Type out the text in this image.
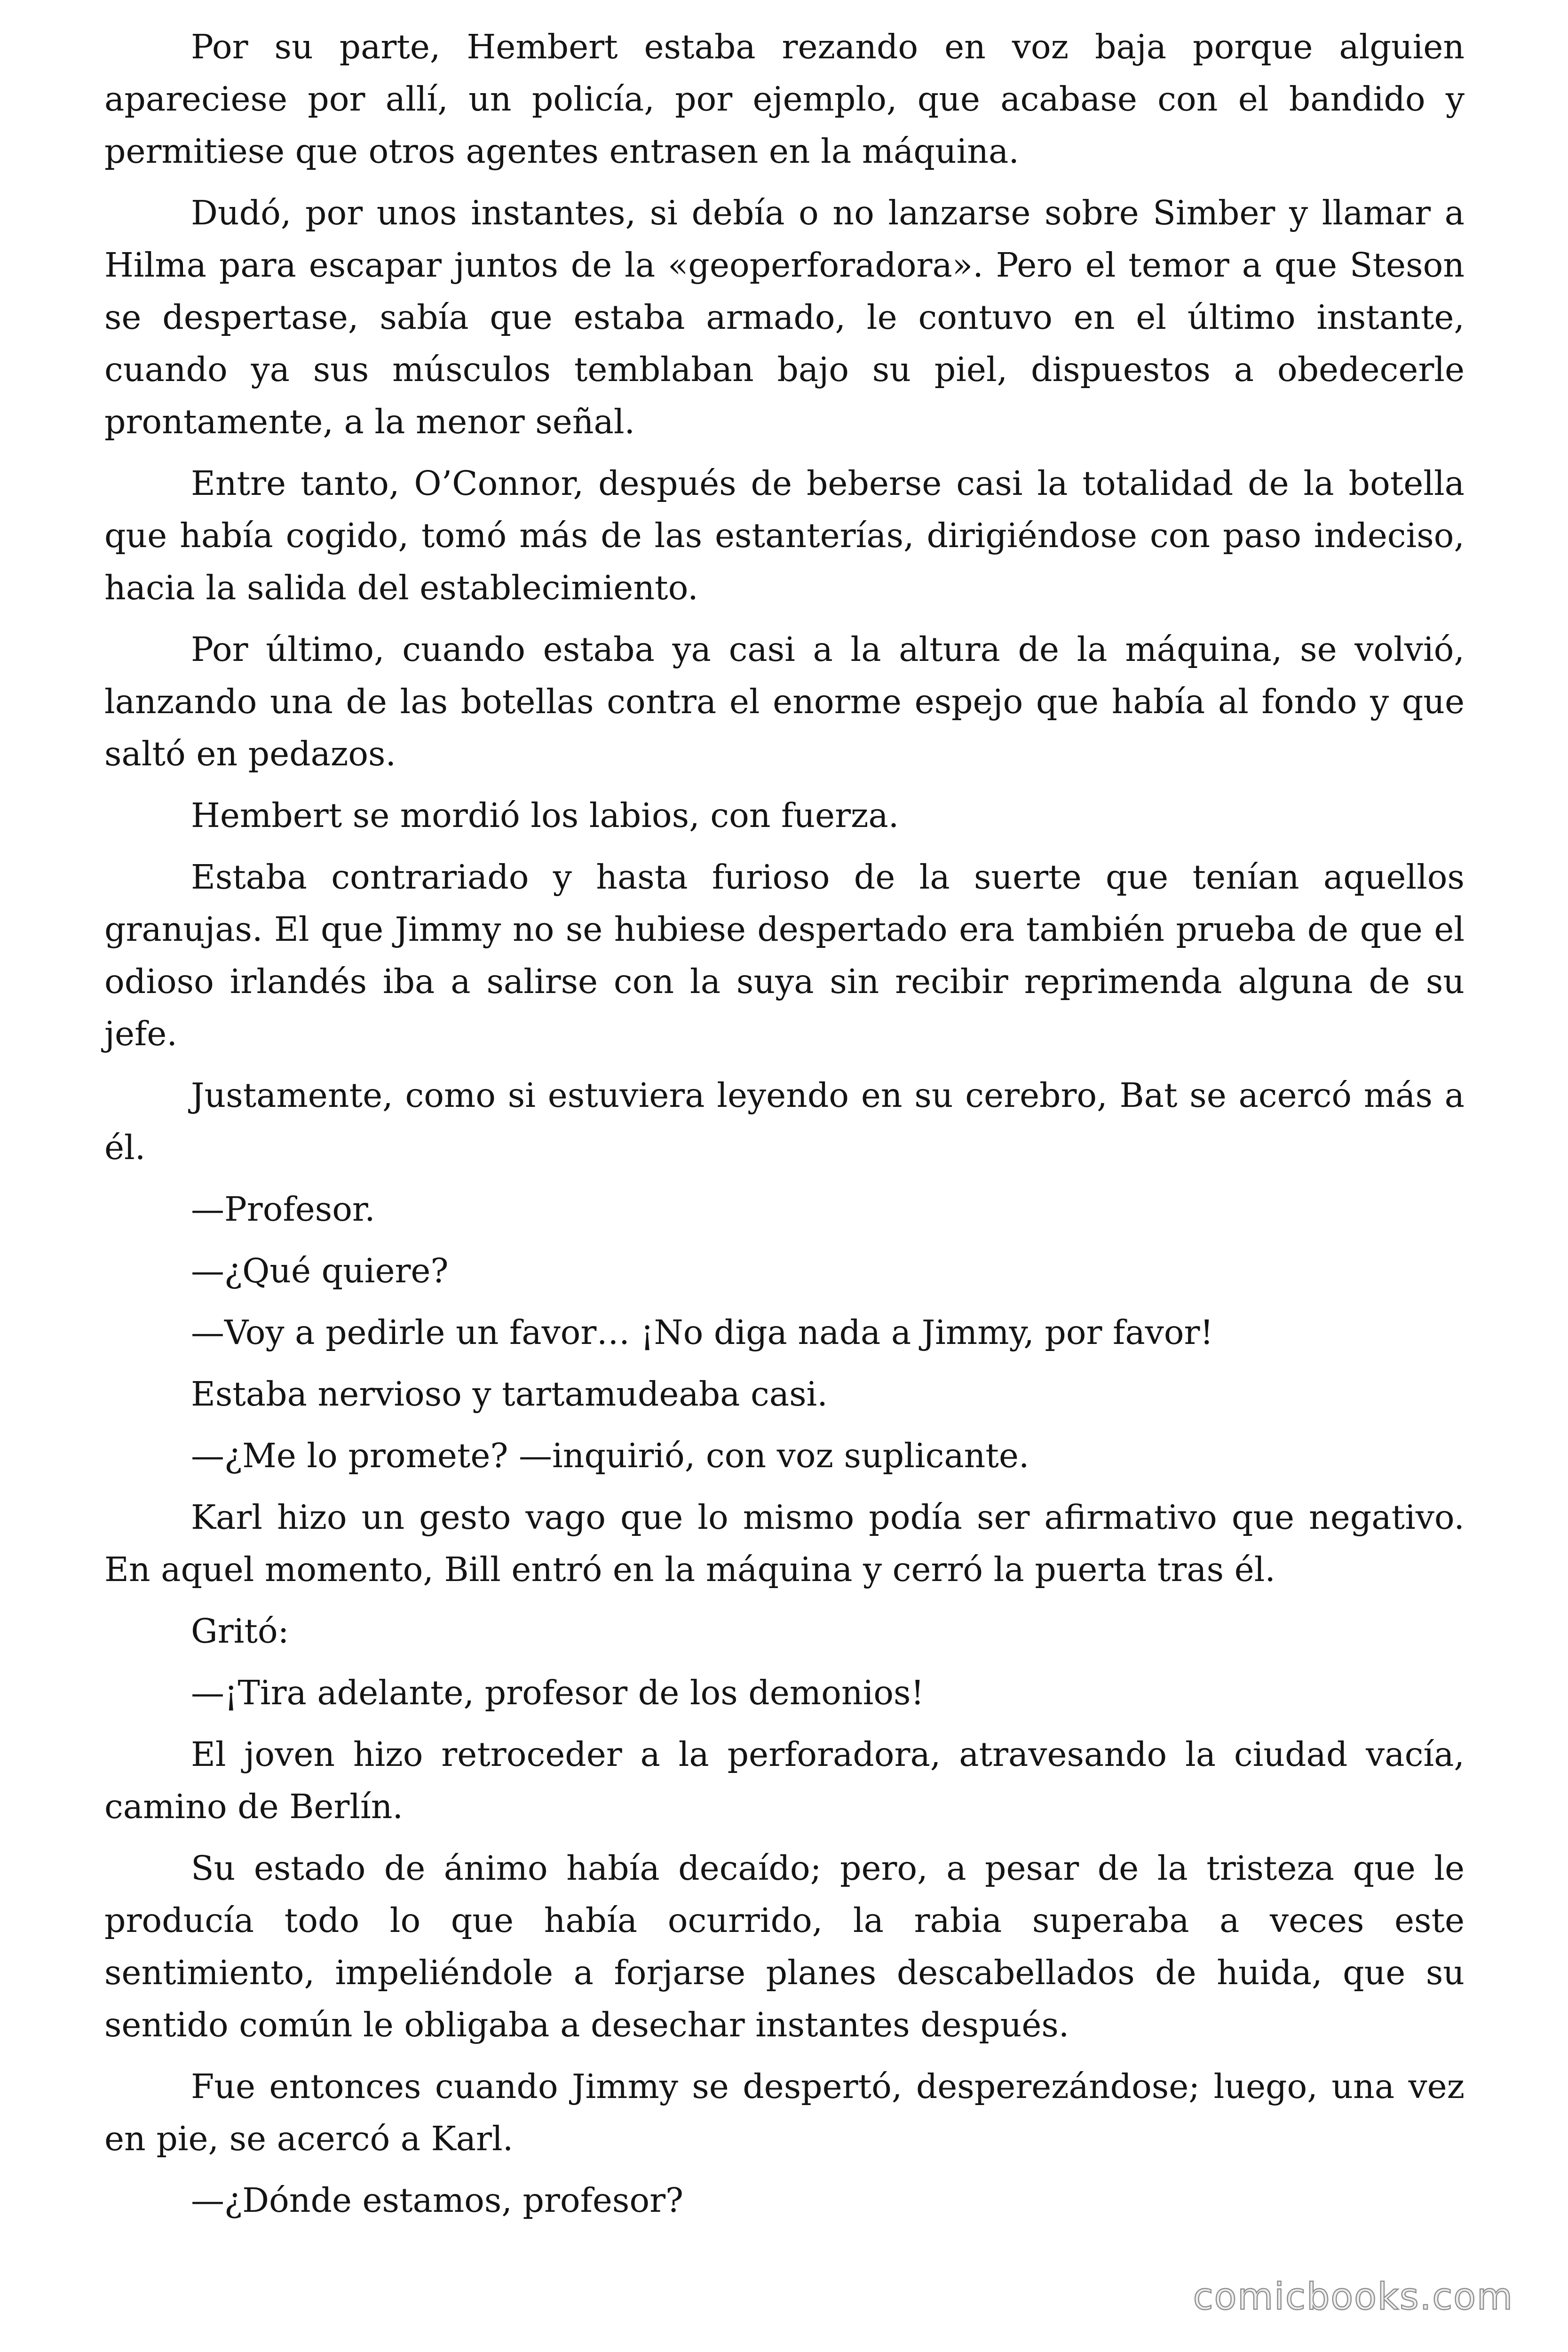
Por su parte, Hembert estaba rezando en voz baja porque alguien apareciese por allí, un policía, por ejemplo, que acabase con el bandido y permitiese que otros agentes entrasen en la máquina.

Dudó, por unos instantes, si debía o no lanzarse sobre Simber y llamar a Hilma para escapar juntos de la «geoperforadora». Pero el temor a que Steson se despertase, sabía que estaba armado, le contuvo en el último instante, cuando ya sus músculos temblaban bajo su piel, dispuestos a obedecerle prontamente, a la menor señal.

Entre tanto, O’Connor, después de beberse casi la totalidad de la botella que había cogido, tomó más de las estanterías, dirigiéndose con paso indeciso, hacia la salida del establecimiento.

Por último, cuando estaba ya casi a la altura de la máquina, se volvió, lanzando una de las botellas contra el enorme espejo que había al fondo y que saltó en pedazos.

Hembert se mordió los labios, con fuerza.

Estaba contrariado y hasta furioso de la suerte que tenían aquellos granujas. El que Jimmy no se hubiese despertado era también prueba de que el odioso irlandés iba a salirse con la suya sin recibir reprimenda alguna de su jefe.

Justamente, como si estuviera leyendo en su cerebro, Bat se acercó más a él.

—Profesor.

—¿Qué quiere?

—Voy a pedirle un favor… ¡No diga nada a Jimmy, por favor!

Estaba nervioso y tartamudeaba casi.

—¿Me lo promete? —inquirió, con voz suplicante.

Karl hizo un gesto vago que lo mismo podía ser afirmativo que negativo. En aquel momento, Bill entró en la máquina y cerró la puerta tras él.

Gritó:

—¡Tira adelante, profesor de los demonios!

El joven hizo retroceder a la perforadora, atravesando la ciudad vacía, camino de Berlín.

Su estado de ánimo había decaído; pero, a pesar de la tristeza que le producía todo lo que había ocurrido, la rabia superaba a veces este sentimiento, impeliéndole a forjarse planes descabellados de huida, que su sentido común le obligaba a desechar instantes después.

Fue entonces cuando Jimmy se despertó, desperezándose; luego, una vez en pie, se acercó a Karl.

—¿Dónde estamos, profesor?

comicbooks.com
